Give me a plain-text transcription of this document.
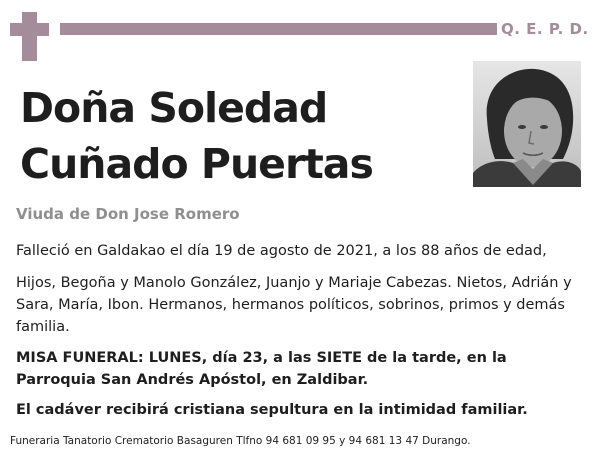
Q. E. P. D.
Doña Soledad
Cuñado Puertas
Viuda de Don Jose Romero
Falleció en Galdakao el día 19 de agosto de 2021, a los 88 años de edad,
Hijos, Begoña y Manolo González, Juanjo y Mariaje Cabezas. Nietos, Adrián y Sara, María, Ibon. Hermanos, hermanos políticos, sobrinos, primos y demás familia.
MISA FUNERAL: LUNES, día 23, a las SIETE de la tarde, en la Parroquia San Andrés Apóstol, en Zaldibar.
El cadáver recibirá cristiana sepultura en la intimidad familiar.
Funeraria Tanatorio Crematorio Basaguren Tlfno 94 681 09 95 y 94 681 13 47 Durango.
